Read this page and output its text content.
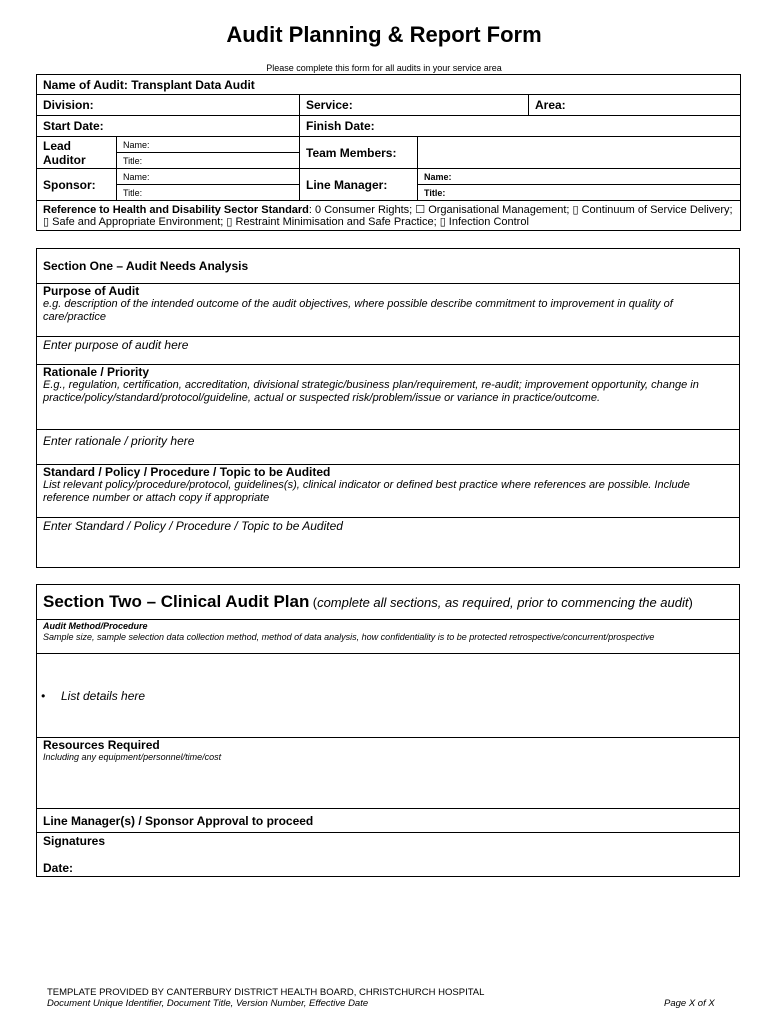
Audit Planning & Report Form
Please complete this form for all audits in your service area
Name of Audit: Transplant Data Audit				
Division:		Service:		Area:
Start Date:		Finish Date:		
Lead Auditor	Name:	Team Members:		
	Title:			
Sponsor:	Name:	Line Manager:	Name:	
	Title:		Title:	
Reference to Health and Disability Sector Standard: 0 Consumer Rights; ☐ Organisational Management; ▯ Continuum of Service Delivery; ▯ Safe and Appropriate Environment; ▯ Restraint Minimisation and Safe Practice; ▯ Infection Control				
Section One – Audit Needs Analysis

Purpose of Audit
e.g. description of the intended outcome of the audit objectives, where possible describe commitment to improvement in quality of care/practice

Enter purpose of audit here

Rationale / Priority
E.g., regulation, certification, accreditation, divisional strategic/business plan/requirement, re-audit; improvement opportunity, change in practice/policy/standard/protocol/guideline, actual or suspected risk/problem/issue or variance in practice/outcome.

Enter rationale / priority here

Standard / Policy / Procedure / Topic to be Audited
List relevant policy/procedure/protocol, guidelines(s), clinical indicator or defined best practice where references are possible. Include reference number or attach copy if appropriate

Enter Standard / Policy / Procedure / Topic to be Audited
Section Two – Clinical Audit Plan (complete all sections, as required, prior to commencing the audit)

Audit Method/Procedure
Sample size, sample selection data collection method, method of data analysis, how confidentiality is to be protected retrospective/concurrent/prospective

• List details here

Resources Required
Including any equipment/personnel/time/cost

Line Manager(s) / Sponsor Approval to proceed

Signatures
Date:
TEMPLATE PROVIDED BY CANTERBURY DISTRICT HEALTH BOARD, CHRISTCHURCH HOSPITAL
Document Unique Identifier, Document Title, Version Number, Effective Date	Page X of X
